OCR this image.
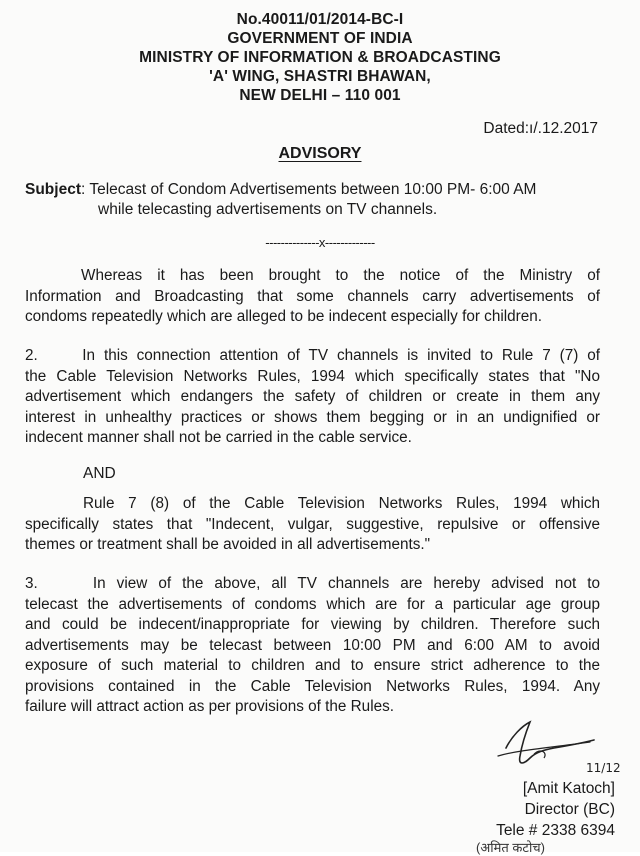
No.40011/01/2014-BC-I
GOVERNMENT OF INDIA
MINISTRY OF INFORMATION & BROADCASTING
'A' WING, SHASTRI BHAWAN,
NEW DELHI – 110 001
Dated:ı/.12.2017
ADVISORY
Subject: Telecast of Condom Advertisements between 10:00 PM- 6:00 AM
while telecasting advertisements on TV channels.
--------------x-------------
Whereas it has been brought to the notice of the Ministry of
Information and Broadcasting that some channels carry advertisements of
condoms repeatedly which are alleged to be indecent especially for children.
2.     In this connection attention of TV channels is invited to Rule 7 (7) of
the Cable Television Networks Rules, 1994 which specifically states that "No
advertisement which endangers the safety of children or create in them any
interest in unhealthy practices or shows them begging or in an undignified or
indecent manner shall not be carried in the cable service.
AND
Rule 7 (8) of the Cable Television Networks Rules, 1994 which
specifically states that "Indecent, vulgar, suggestive, repulsive or offensive
themes or treatment shall be avoided in all advertisements."
3.     In view of the above, all TV channels are hereby advised not to
telecast the advertisements of condoms which are for a particular age group
and could be indecent/inappropriate for viewing by children. Therefore such
advertisements may be telecast between 10:00 PM and 6:00 AM to avoid
exposure of such material to children and to ensure strict adherence to the
provisions contained in the Cable Television Networks Rules, 1994. Any
failure will attract action as per provisions of the Rules.
11/12
[Amit Katoch]
Director (BC)
Tele # 2338 6394
(अमित कटोच)
